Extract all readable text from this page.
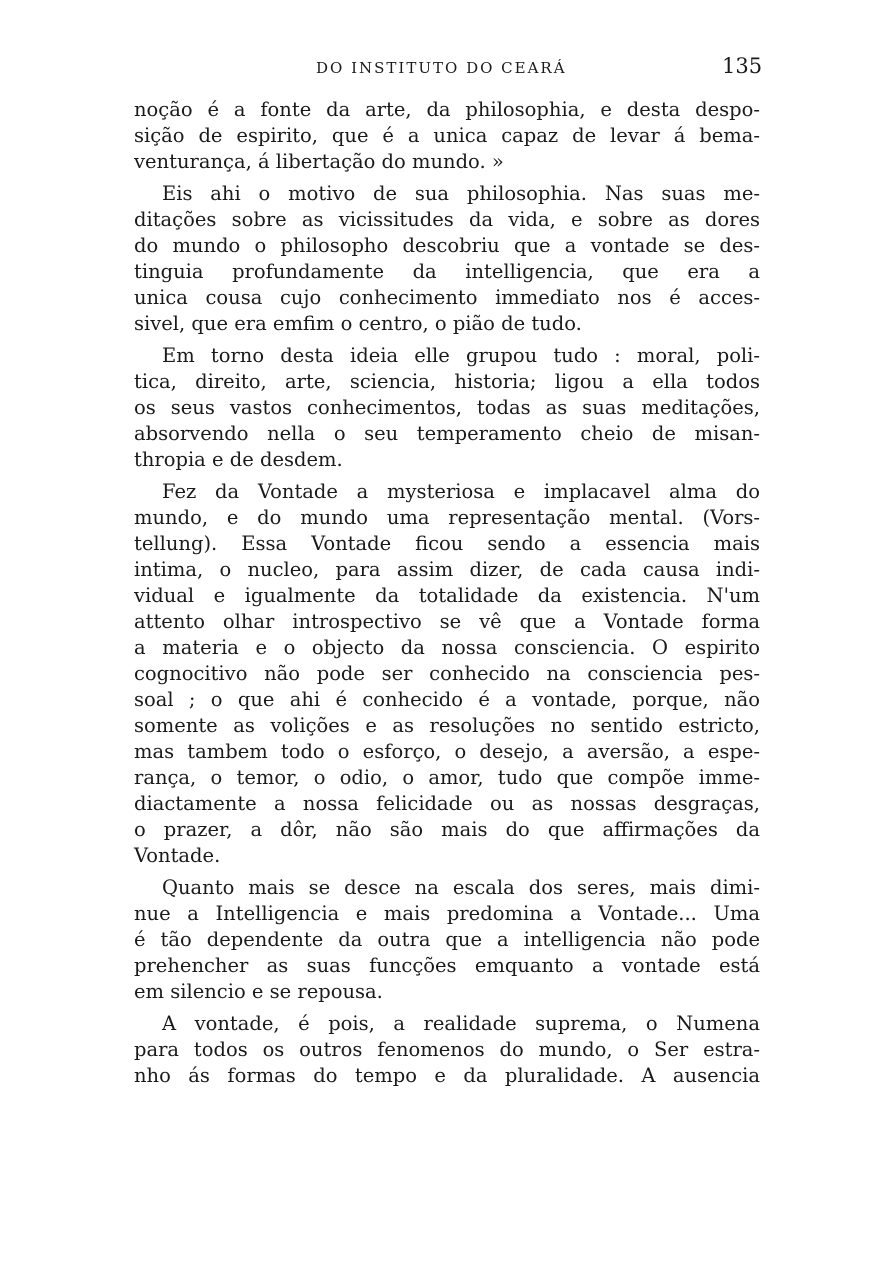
DO INSTITUTO DO CEARÁ	135
noção é a fonte da arte, da philosophia, e desta despo-
sição de espirito, que é a unica capaz de levar á bema-
venturança, á libertação do mundo. »
Eis ahi o motivo de sua philosophia. Nas suas me-
ditações sobre as vicissitudes da vida, e sobre as dores
do mundo o philosopho descobriu que a vontade se des-
tinguia profundamente da intelligencia, que era a
unica cousa cujo conhecimento immediato nos é acces-
sivel, que era emfim o centro, o pião de tudo.
Em torno desta ideia elle grupou tudo : moral, poli-
tica, direito, arte, sciencia, historia; ligou a ella todos
os seus vastos conhecimentos, todas as suas meditações,
absorvendo nella o seu temperamento cheio de misan-
thropia e de desdem.
Fez da Vontade a mysteriosa e implacavel alma do
mundo, e do mundo uma representação mental. (Vors-
tellung). Essa Vontade ficou sendo a essencia mais
intima, o nucleo, para assim dizer, de cada causa indi-
vidual e igualmente da totalidade da existencia. N'um
attento olhar introspectivo se vê que a Vontade forma
a materia e o objecto da nossa consciencia. O espirito
cognocitivo não pode ser conhecido na consciencia pes-
soal ; o que ahi é conhecido é a vontade, porque, não
somente as volições e as resoluções no sentido estricto,
mas tambem todo o esforço, o desejo, a aversão, a espe-
rança, o temor, o odio, o amor, tudo que compõe imme-
diactamente a nossa felicidade ou as nossas desgraças,
o prazer, a dôr, não são mais do que affirmações da
Vontade.
Quanto mais se desce na escala dos seres, mais dimi-
nue a Intelligencia e mais predomina a Vontade... Uma
é tão dependente da outra que a intelligencia não pode
prehencher as suas funcções emquanto a vontade está
em silencio e se repousa.
A vontade, é pois, a realidade suprema, o Numena
para todos os outros fenomenos do mundo, o Ser estra-
nho ás formas do tempo e da pluralidade. A ausencia
